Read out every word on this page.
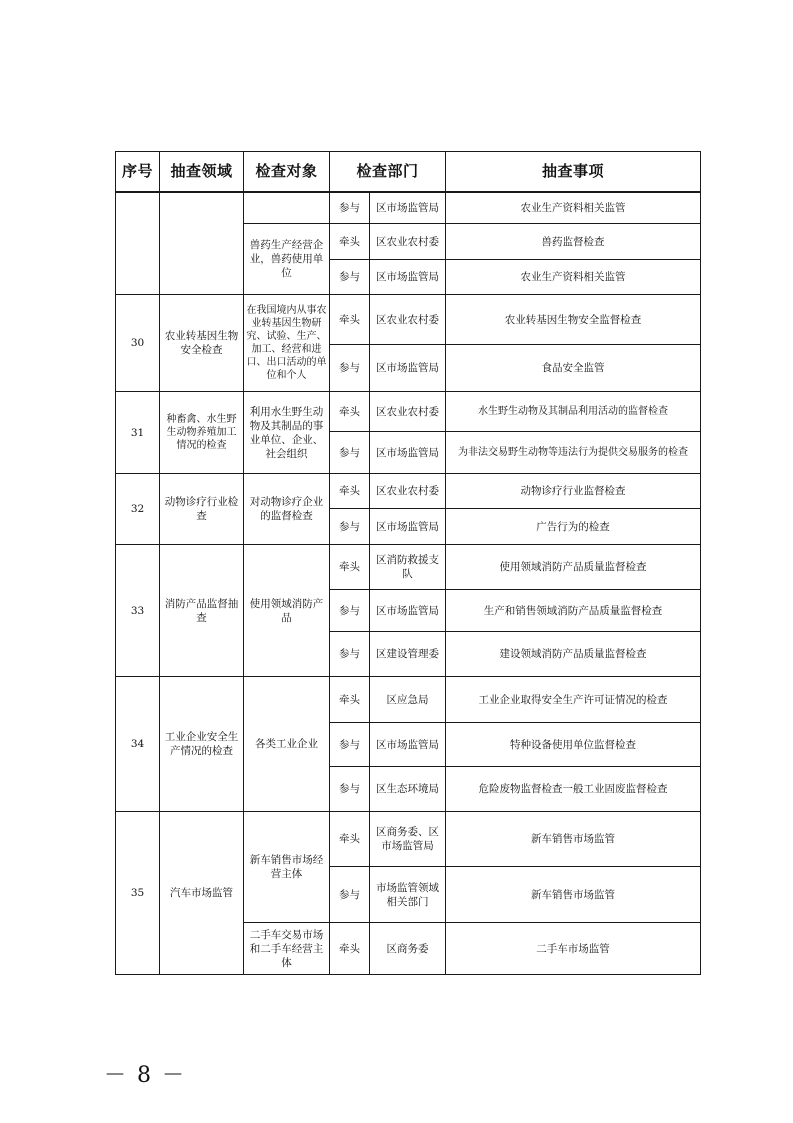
序号	抽查领域	检查对象	检查部门		抽查事项
			参与	区市场监管局	农业生产资料相关监管
		兽药生产经营企业，兽药使用单位	牵头	区农业农村委	兽药监督检查
			参与	区市场监管局	农业生产资料相关监管
30	农业转基因生物安全检查	在我国境内从事农业转基因生物研究、试验、生产、加工、经营和进口、出口活动的单位和个人	牵头	区农业农村委	农业转基因生物安全监督检查
			参与	区市场监管局	食品安全监管
31	种畜禽、水生野生动物养殖加工情况的检查	利用水生野生动物及其制品的事业单位、企业、社会组织	牵头	区农业农村委	水生野生动物及其制品利用活动的监督检查
			参与	区市场监管局	为非法交易野生动物等违法行为提供交易服务的检查
32	动物诊疗行业检查	对动物诊疗企业的监督检查	牵头	区农业农村委	动物诊疗行业监督检查
			参与	区市场监管局	广告行为的检查
33	消防产品监督抽查	使用领域消防产品	牵头	区消防救援支队	使用领域消防产品质量监督检查
			参与	区市场监管局	生产和销售领域消防产品质量监督检查
			参与	区建设管理委	建设领域消防产品质量监督检查
34	工业企业安全生产情况的检查	各类工业企业	牵头	区应急局	工业企业取得安全生产许可证情况的检查
			参与	区市场监管局	特种设备使用单位监督检查
			参与	区生态环境局	危险废物监督检查一般工业固废监督检查
35	汽车市场监管	新车销售市场经营主体	牵头	区商务委、区市场监管局	新车销售市场监管
			参与	市场监管领域相关部门	新车销售市场监管
		二手车交易市场和二手车经营主体	牵头	区商务委	二手车市场监管
－ 8 －
